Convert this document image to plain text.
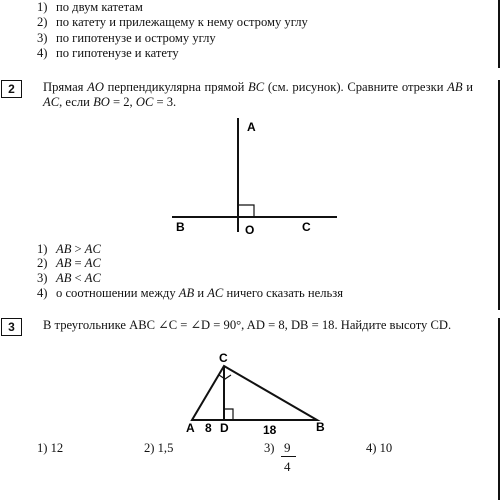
1) по двум катетам
2) по катету и прилежащему к нему острому углу
3) по гипотенузе и острому углу
4) по гипотенузе и катету
2	Прямая AO перпендикулярна прямой BC (см. рисунок). Сравните отрезки AB и AC, если BO = 2, OC = 3.
A
B	O	C
1) AB > AC
2) AB = AC
3) AB < AC
4) о соотношении между AB и AC ничего сказать нельзя
3	В треугольнике ABC ∠C = ∠D = 90°, AD = 8, DB = 18. Найдите высоту CD.
C
A 8 D	18	B
1) 12	2) 1,5	3) 9
4
4) 10
